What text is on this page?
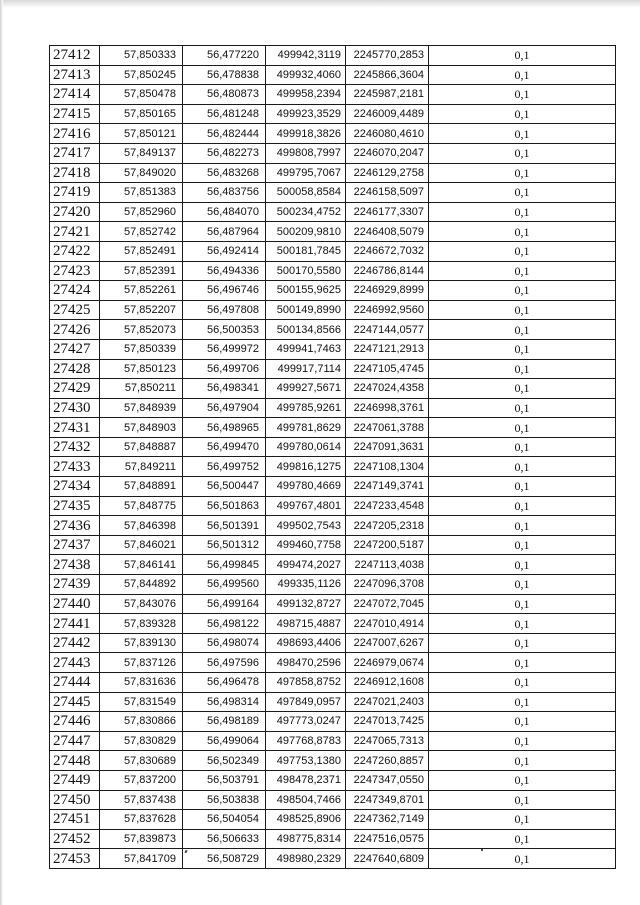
27412	57,850333	56,477220	499942,3119	2245770,2853	0,1
27413	57,850245	56,478838	499932,4060	2245866,3604	0,1
27414	57,850478	56,480873	499958,2394	2245987,2181	0,1
27415	57,850165	56,481248	499923,3529	2246009,4489	0,1
27416	57,850121	56,482444	499918,3826	2246080,4610	0,1
27417	57,849137	56,482273	499808,7997	2246070,2047	0,1
27418	57,849020	56,483268	499795,7067	2246129,2758	0,1
27419	57,851383	56,483756	500058,8584	2246158,5097	0,1
27420	57,852960	56,484070	500234,4752	2246177,3307	0,1
27421	57,852742	56,487964	500209,9810	2246408,5079	0,1
27422	57,852491	56,492414	500181,7845	2246672,7032	0,1
27423	57,852391	56,494336	500170,5580	2246786,8144	0,1
27424	57,852261	56,496746	500155,9625	2246929,8999	0,1
27425	57,852207	56,497808	500149,8990	2246992,9560	0,1
27426	57,852073	56,500353	500134,8566	2247144,0577	0,1
27427	57,850339	56,499972	499941,7463	2247121,2913	0,1
27428	57,850123	56,499706	499917,7114	2247105,4745	0,1
27429	57,850211	56,498341	499927,5671	2247024,4358	0,1
27430	57,848939	56,497904	499785,9261	2246998,3761	0,1
27431	57,848903	56,498965	499781,8629	2247061,3788	0,1
27432	57,848887	56,499470	499780,0614	2247091,3631	0,1
27433	57,849211	56,499752	499816,1275	2247108,1304	0,1
27434	57,848891	56,500447	499780,4669	2247149,3741	0,1
27435	57,848775	56,501863	499767,4801	2247233,4548	0,1
27436	57,846398	56,501391	499502,7543	2247205,2318	0,1
27437	57,846021	56,501312	499460,7758	2247200,5187	0,1
27438	57,846141	56,499845	499474,2027	2247113,4038	0,1
27439	57,844892	56,499560	499335,1126	2247096,3708	0,1
27440	57,843076	56,499164	499132,8727	2247072,7045	0,1
27441	57,839328	56,498122	498715,4887	2247010,4914	0,1
27442	57,839130	56,498074	498693,4406	2247007,6267	0,1
27443	57,837126	56,497596	498470,2596	2246979,0674	0,1
27444	57,831636	56,496478	497858,8752	2246912,1608	0,1
27445	57,831549	56,498314	497849,0957	2247021,2403	0,1
27446	57,830866	56,498189	497773,0247	2247013,7425	0,1
27447	57,830829	56,499064	497768,8783	2247065,7313	0,1
27448	57,830689	56,502349	497753,1380	2247260,8857	0,1
27449	57,837200	56,503791	498478,2371	2247347,0550	0,1
27450	57,837438	56,503838	498504,7466	2247349,8701	0,1
27451	57,837628	56,504054	498525,8906	2247362,7149	0,1
27452	57,839873	56,506633	498775,8314	2247516,0575	0,1
27453	57,841709	56,508729	498980,2329	2247640,6809	0,1
